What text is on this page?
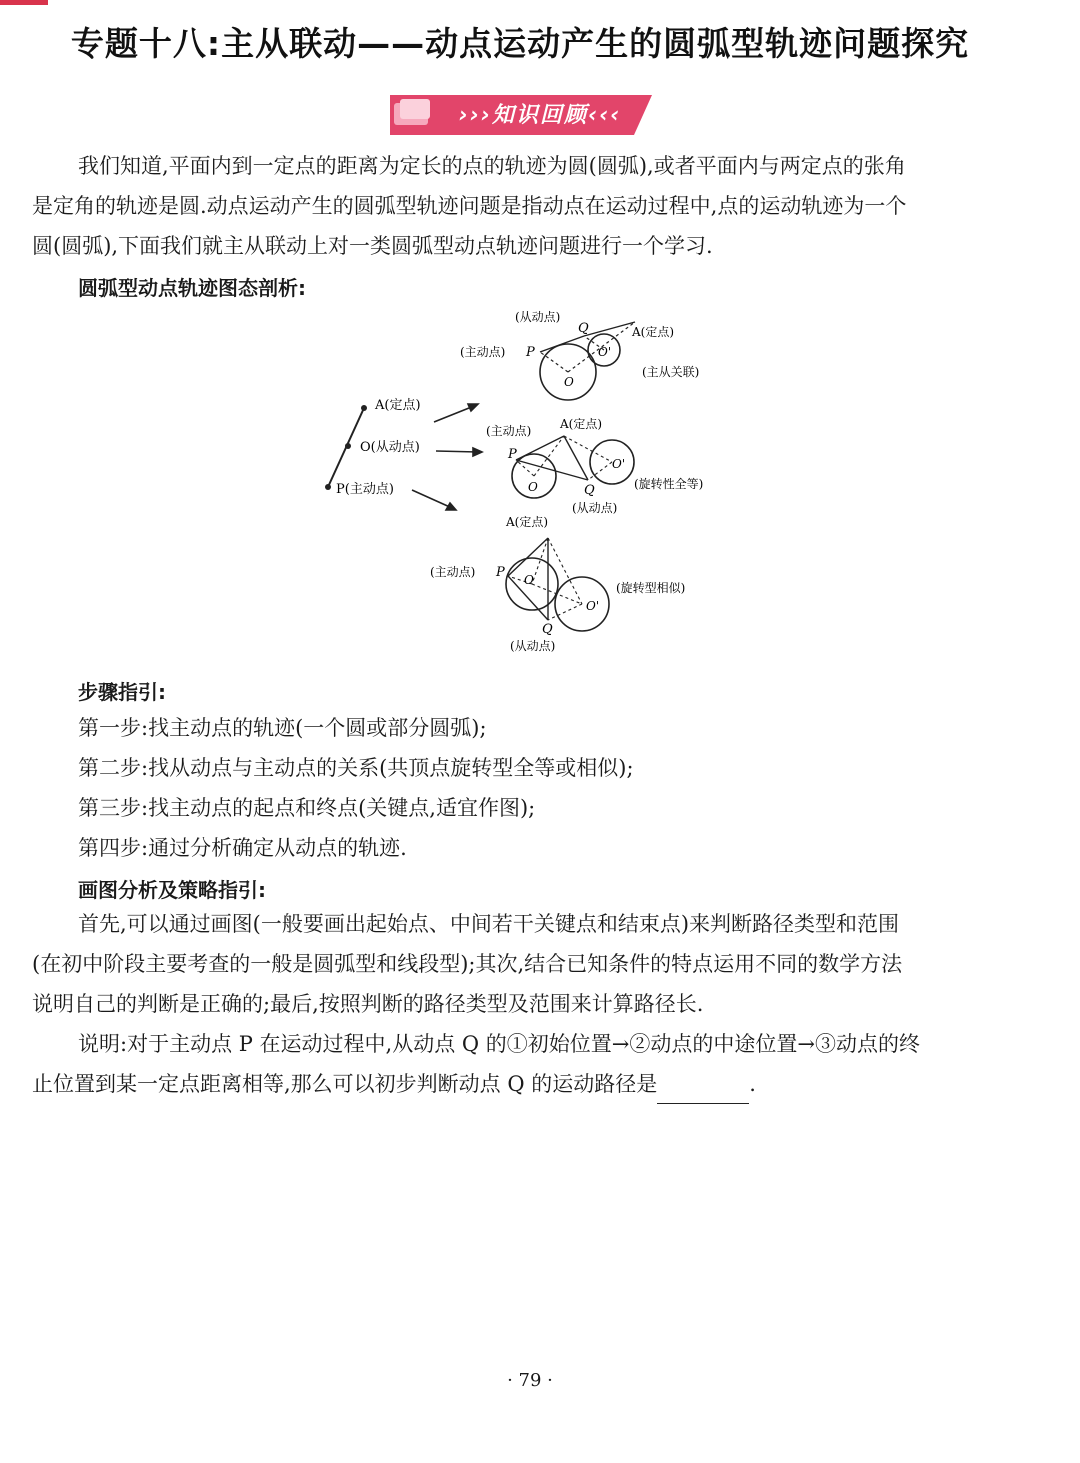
专题十八:主从联动——动点运动产生的圆弧型轨迹问题探究
›››知识回顾‹‹‹
我们知道,平面内到一定点的距离为定长的点的轨迹为圆(圆弧),或者平面内与两定点的张角
是定角的轨迹是圆.动点运动产生的圆弧型轨迹问题是指动点在运动过程中,点的运动轨迹为一个
圆(圆弧),下面我们就主从联动上对一类圆弧型动点轨迹问题进行一个学习.
圆弧型动点轨迹图态剖析:
A(定点)
O(从动点)
P(主动点)
(从动点)
Q
(主动点) P
A(定点)
O'
O
(主从关联)
(主动点) A(定点)
P
O'
O	Q	(旋转性全等)
(从动点)
A(定点)
(主动点) P O
O'
(旋转型相似)
Q
(从动点)
步骤指引:
第一步:找主动点的轨迹(一个圆或部分圆弧);
第二步:找从动点与主动点的关系(共顶点旋转型全等或相似);
第三步:找主动点的起点和终点(关键点,适宜作图);
第四步:通过分析确定从动点的轨迹.
画图分析及策略指引:
首先,可以通过画图(一般要画出起始点、中间若干关键点和结束点)来判断路径类型和范围
(在初中阶段主要考查的一般是圆弧型和线段型);其次,结合已知条件的特点运用不同的数学方法
说明自己的判断是正确的;最后,按照判断的路径类型及范围来计算路径长.
说明:对于主动点 P 在运动过程中,从动点 Q 的①初始位置→②动点的中途位置→③动点的终
止位置到某一定点距离相等,那么可以初步判断动点 Q 的运动路径是	.
· 79 ·
